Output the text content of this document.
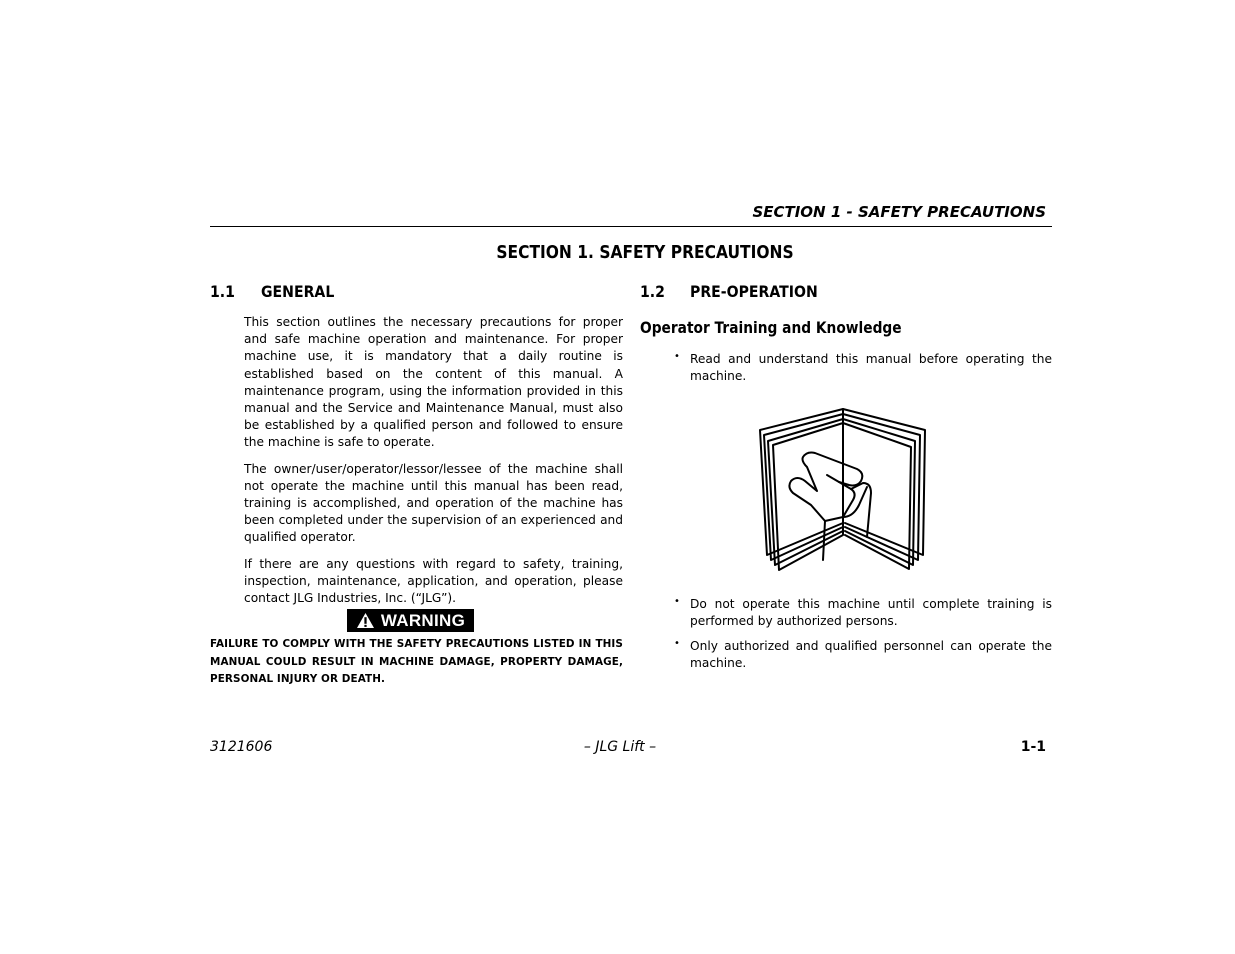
SECTION 1 - SAFETY PRECAUTIONS
SECTION 1. SAFETY PRECAUTIONS
1.1 GENERAL

This section outlines the necessary precautions for proper and safe machine operation and maintenance. For proper machine use, it is mandatory that a daily routine is established based on the content of this manual. A maintenance program, using the information provided in this manual and the Service and Maintenance Manual, must also be established by a qualified person and followed to ensure the machine is safe to operate.

The owner/user/operator/lessor/lessee of the machine shall not operate the machine until this manual has been read, training is accomplished, and operation of the machine has been completed under the supervision of an experienced and qualified operator.

If there are any questions with regard to safety, training, inspection, maintenance, application, and operation, please contact JLG Industries, Inc. (“JLG”).

WARNING
FAILURE TO COMPLY WITH THE SAFETY PRECAUTIONS LISTED IN THIS MANUAL COULD RESULT IN MACHINE DAMAGE, PROPERTY DAMAGE, PERSONAL INJURY OR DEATH.
1.2 PRE-OPERATION
Operator Training and Knowledge
• Read and understand this manual before operating the machine.
• Do not operate this machine until complete training is performed by authorized persons.
• Only authorized and qualified personnel can operate the machine.
3121606	– JLG Lift –	1-1
